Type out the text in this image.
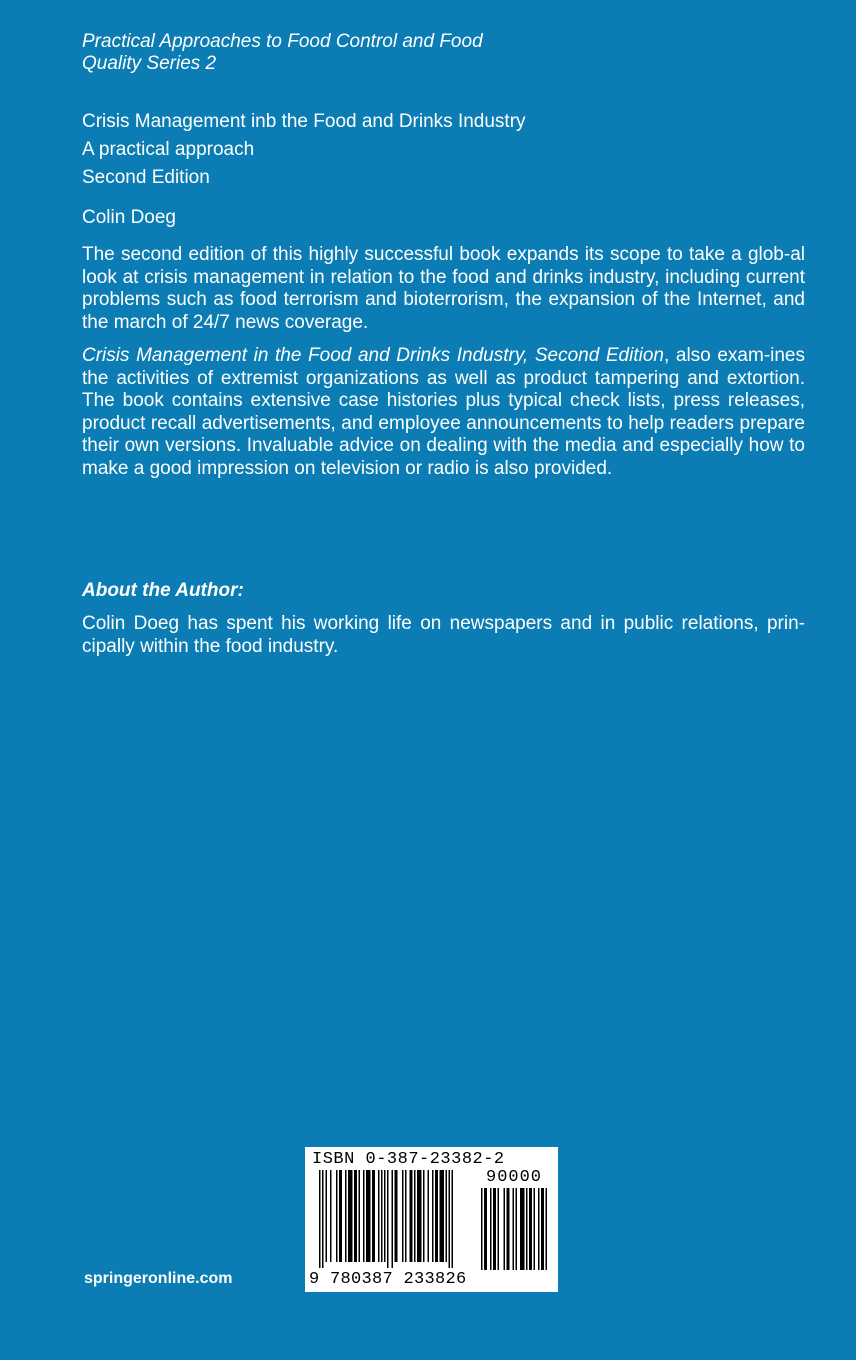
Practical Approaches to Food Control and Food
Quality Series 2
Crisis Management inb the Food and Drinks Industry
A practical approach
Second Edition
Colin Doeg

The second edition of this highly successful book expands its scope to take a glob-al look at crisis management in relation to the food and drinks industry, including current problems such as food terrorism and bioterrorism, the expansion of the Internet, and the march of 24/7 news coverage.

Crisis Management in the Food and Drinks Industry, Second Edition, also exam-ines the activities of extremist organizations as well as product tampering and extortion. The book contains extensive case histories plus typical check lists, press releases, product recall advertisements, and employee announcements to help readers prepare their own versions. Invaluable advice on dealing with the media and especially how to make a good impression on television or radio is also provided.

About the Author:
Colin Doeg has spent his working life on newspapers and in public relations, prin-cipally within the food industry.
springeronline.com
ISBN 0-387-23382-2
90000
9 780387 233826
